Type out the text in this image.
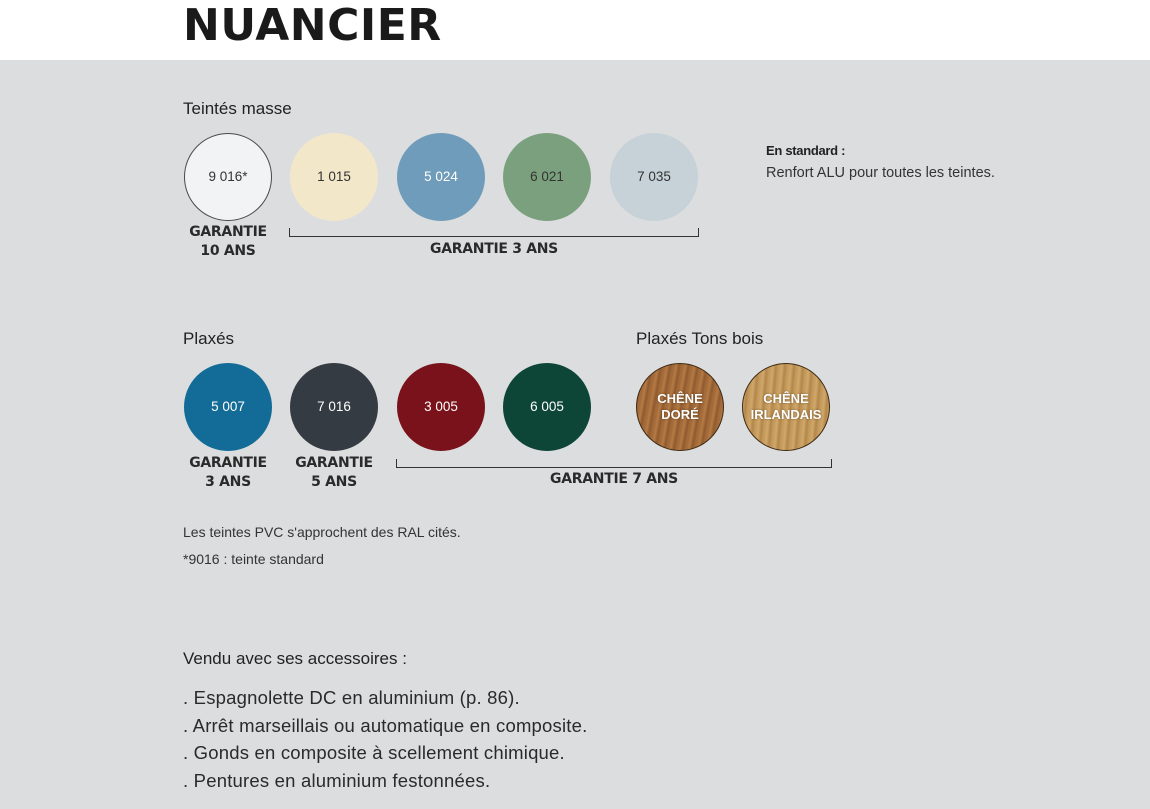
NUANCIER
Teintés masse
9 016*	1 015	5 024	6 021	7 035
GARANTIE
10 ANS	GARANTIE 3 ANS
En standard :
Renfort ALU pour toutes les teintes.
Plaxés	Plaxés Tons bois
5 007	7 016	3 005	6 005
CHÊNE
DORÉ
CHÊNE
IRLANDAIS
GARANTIE
3 ANS
GARANTIE
5 ANS	GARANTIE 7 ANS
Les teintes PVC s'approchent des RAL cités.
*9016 : teinte standard
Vendu avec ses accessoires :
. Espagnolette DC en aluminium (p. 86).
. Arrêt marseillais ou automatique en composite.
. Gonds en composite à scellement chimique.
. Pentures en aluminium festonnées.
